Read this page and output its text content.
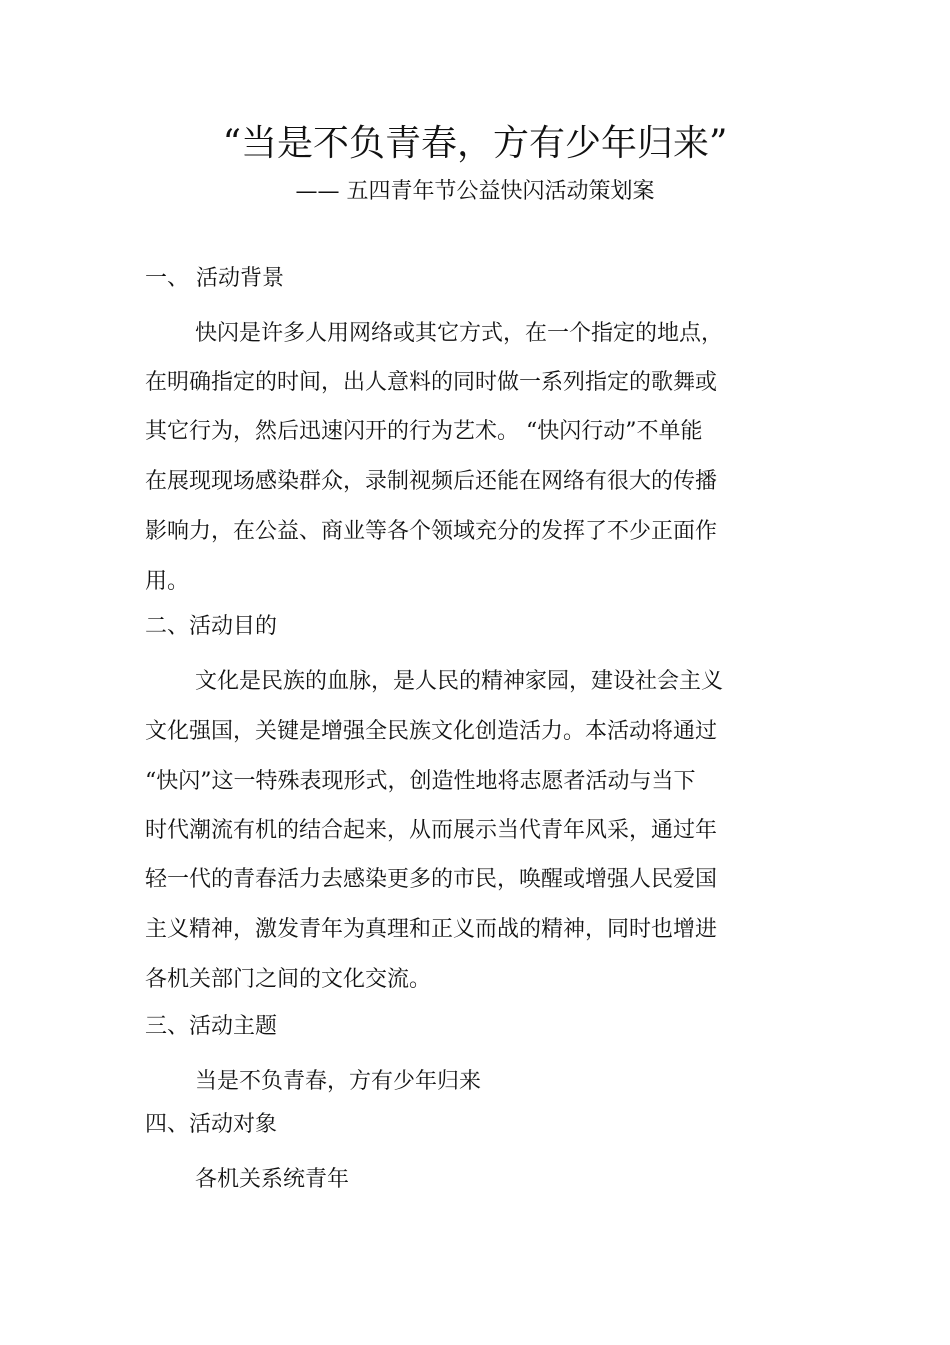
“当是不负青春，方有少年归来”
—— 五四青年节公益快闪活动策划案
一、 活动背景
快闪是许多人用网络或其它方式，在一个指定的地点，
在明确指定的时间，出人意料的同时做一系列指定的歌舞或
其它行为，然后迅速闪开的行为艺术。 “快闪行动”不单能
在展现现场感染群众，录制视频后还能在网络有很大的传播
影响力，在公益、商业等各个领域充分的发挥了不少正面作
用。
二、活动目的
文化是民族的血脉，是人民的精神家园，建设社会主义
文化强国，关键是增强全民族文化创造活力。本活动将通过
“快闪”这一特殊表现形式，创造性地将志愿者活动与当下
时代潮流有机的结合起来，从而展示当代青年风采，通过年
轻一代的青春活力去感染更多的市民，唤醒或增强人民爱国
主义精神，激发青年为真理和正义而战的精神，同时也增进
各机关部门之间的文化交流。
三、活动主题
当是不负青春，方有少年归来
四、活动对象
各机关系统青年
